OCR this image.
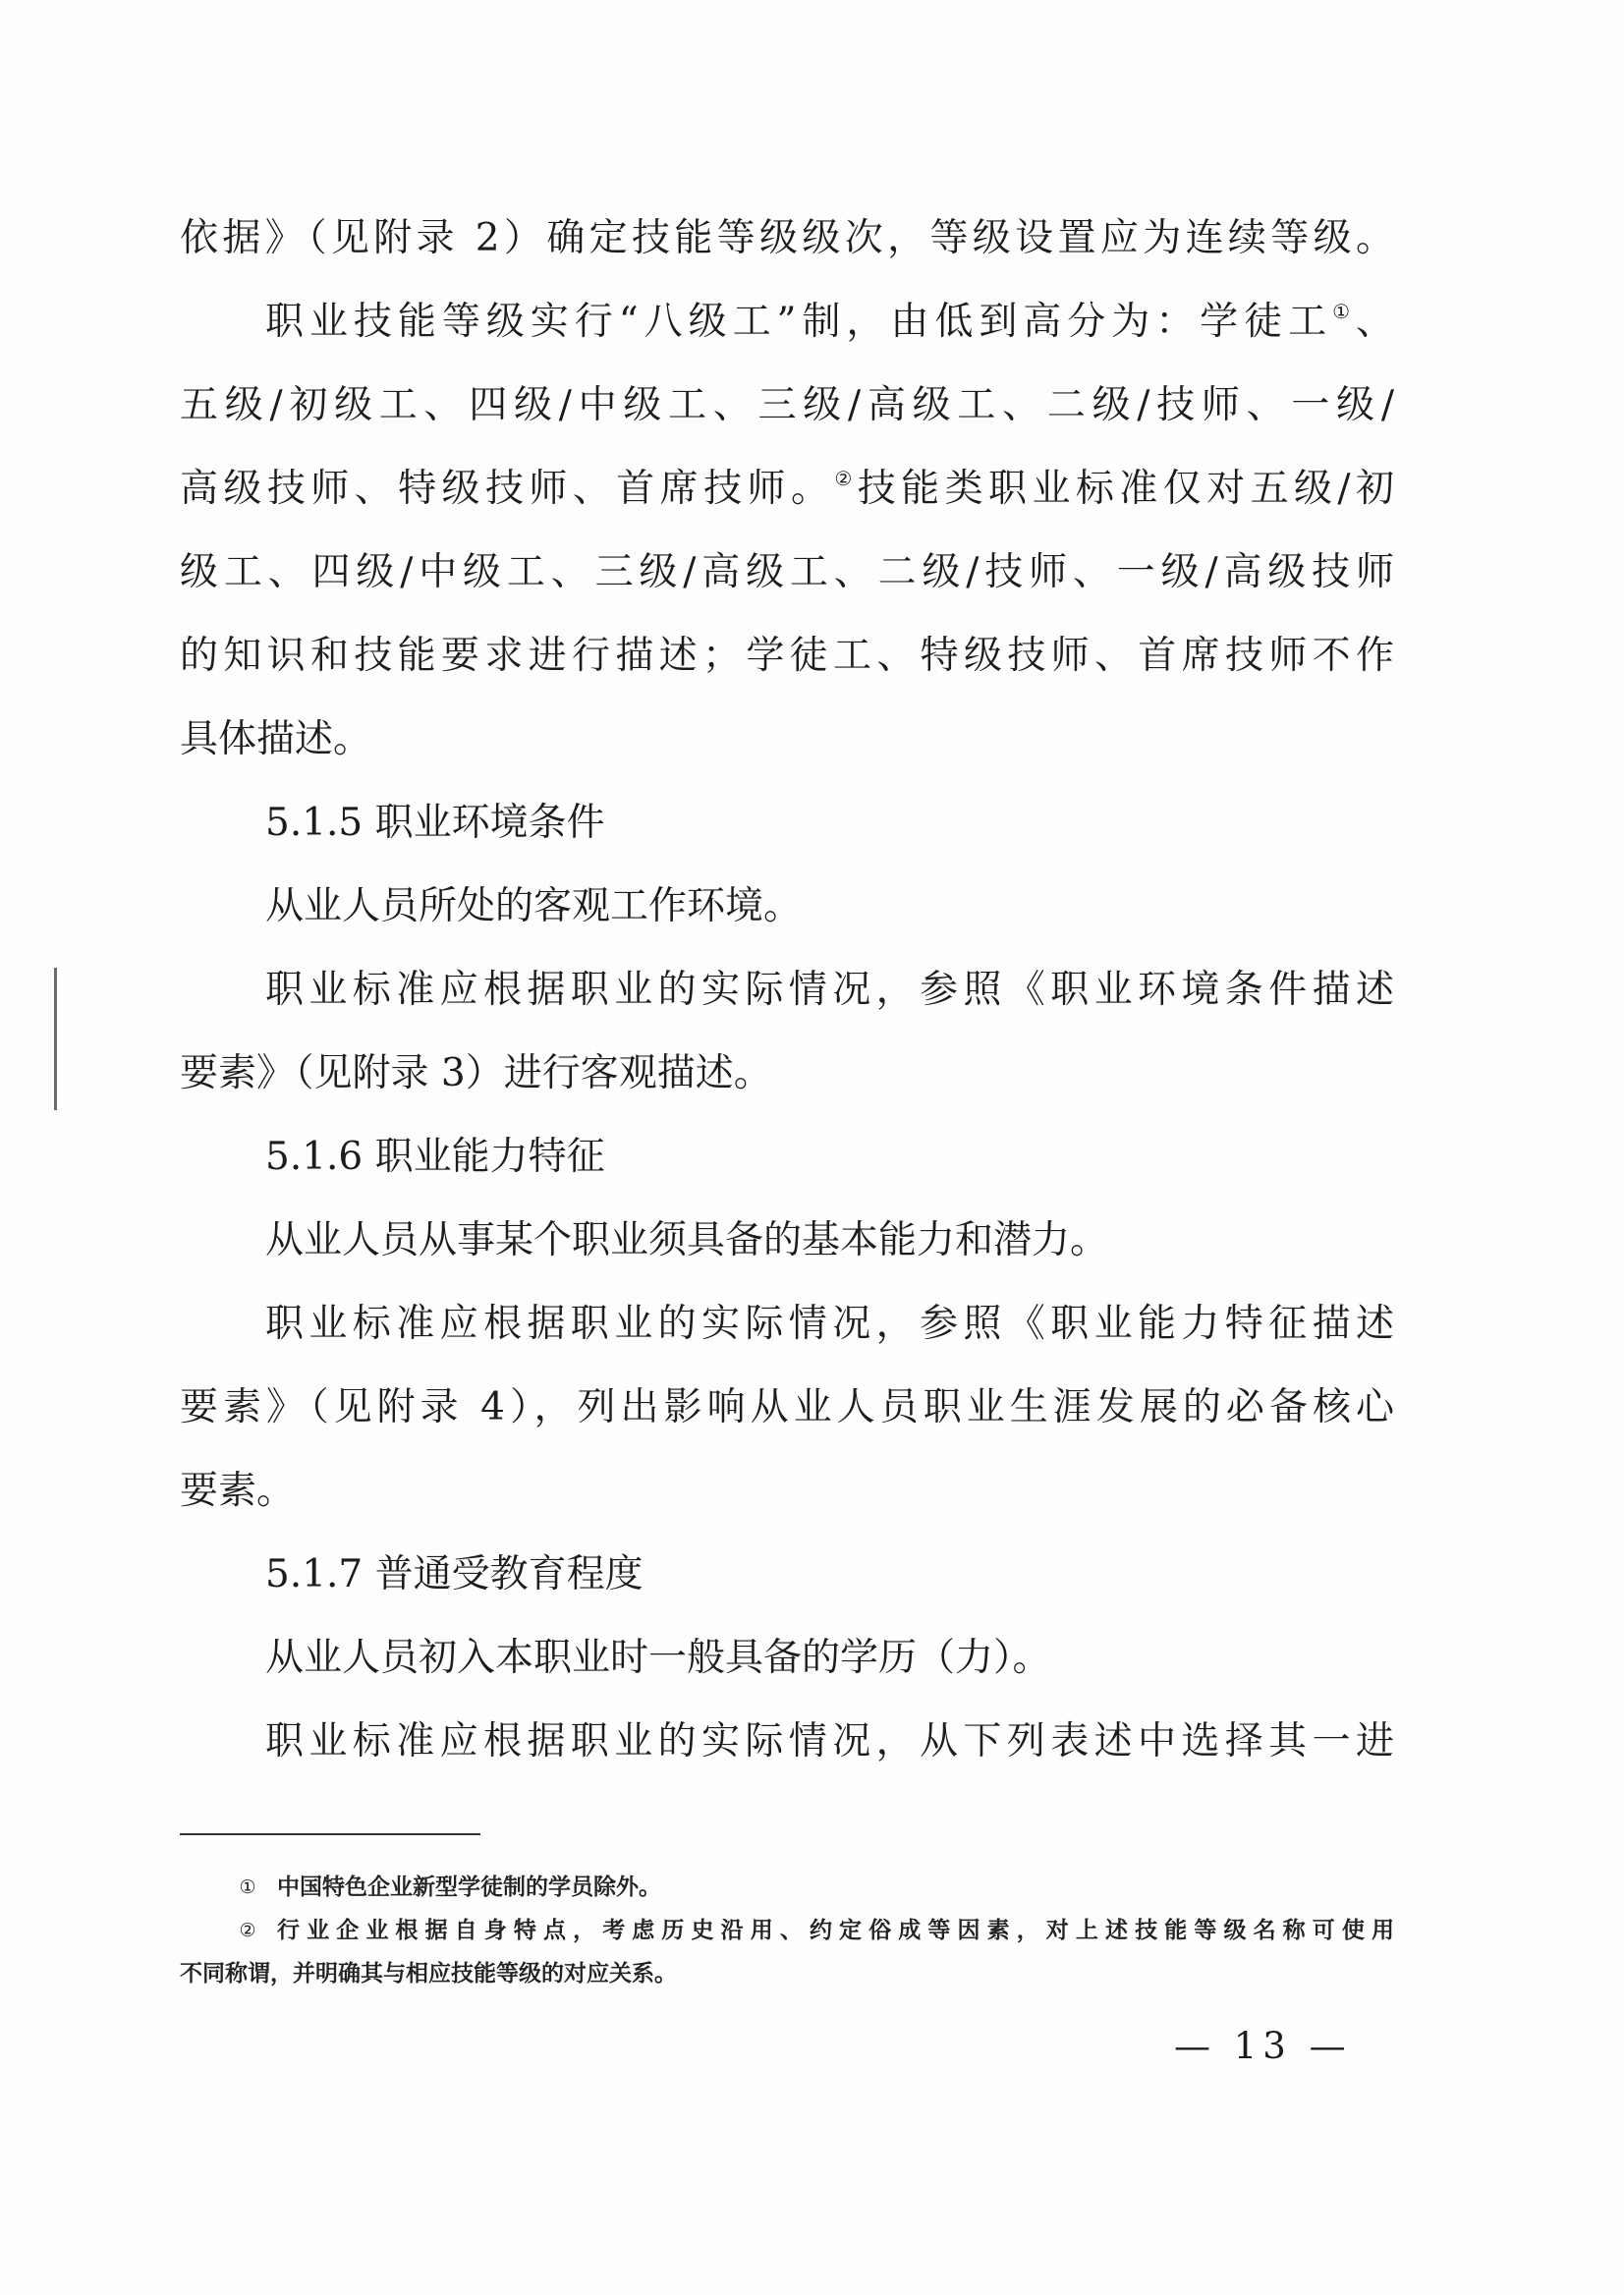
依据》（见附录 2）确定技能等级级次，等级设置应为连续等级。
职业技能等级实行“八级工”制，由低到高分为：学徒工①、
五级/初级工、四级/中级工、三级/高级工、二级/技师、一级/
高级技师、特级技师、首席技师。②技能类职业标准仅对五级/初
级工、四级/中级工、三级/高级工、二级/技师、一级/高级技师
的知识和技能要求进行描述；学徒工、特级技师、首席技师不作
具体描述。
5.1.5 职业环境条件
从业人员所处的客观工作环境。
职业标准应根据职业的实际情况，参照《职业环境条件描述
要素》（见附录 3）进行客观描述。
5.1.6 职业能力特征
从业人员从事某个职业须具备的基本能力和潜力。
职业标准应根据职业的实际情况，参照《职业能力特征描述
要素》（见附录 4），列出影响从业人员职业生涯发展的必备核心
要素。
5.1.7 普通受教育程度
从业人员初入本职业时一般具备的学历（力）。
职业标准应根据职业的实际情况，从下列表述中选择其一进
① 中国特色企业新型学徒制的学员除外。
② 行业企业根据自身特点，考虑历史沿用、约定俗成等因素，对上述技能等级名称可使用
不同称谓，并明确其与相应技能等级的对应关系。
— 13 —
